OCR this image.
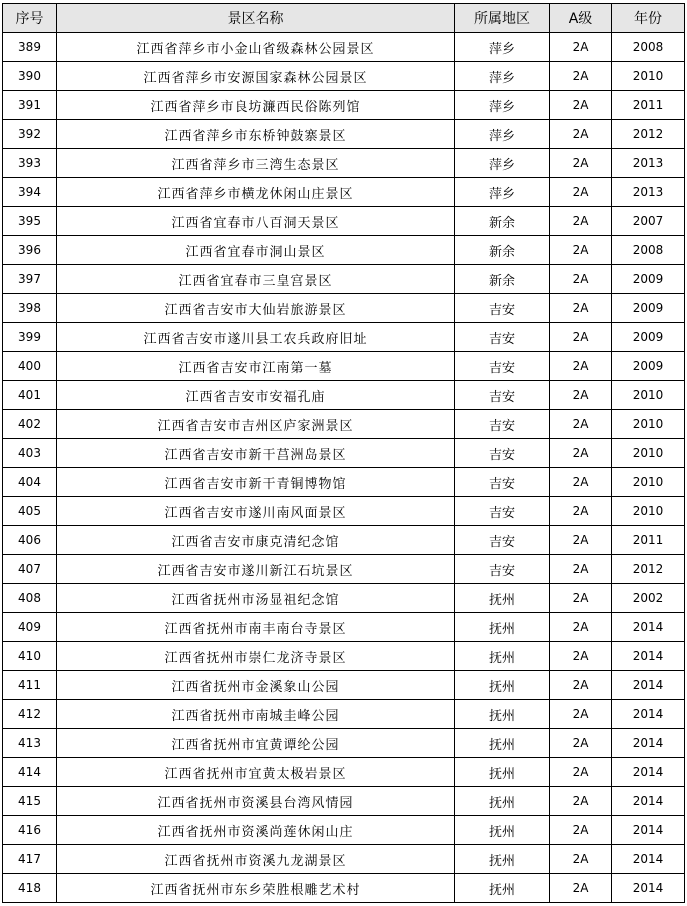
序号	景区名称	所属地区	A级	年份
389	江西省萍乡市小金山省级森林公园景区	萍乡	2A	2008
390	江西省萍乡市安源国家森林公园景区	萍乡	2A	2010
391	江西省萍乡市良坊濂西民俗陈列馆	萍乡	2A	2011
392	江西省萍乡市东桥钟鼓寨景区	萍乡	2A	2012
393	江西省萍乡市三湾生态景区	萍乡	2A	2013
394	江西省萍乡市横龙休闲山庄景区	萍乡	2A	2013
395	江西省宜春市八百洞天景区	新余	2A	2007
396	江西省宜春市洞山景区	新余	2A	2008
397	江西省宜春市三皇宫景区	新余	2A	2009
398	江西省吉安市大仙岩旅游景区	吉安	2A	2009
399	江西省吉安市遂川县工农兵政府旧址	吉安	2A	2009
400	江西省吉安市江南第一墓	吉安	2A	2009
401	江西省吉安市安福孔庙	吉安	2A	2010
402	江西省吉安市吉州区庐家洲景区	吉安	2A	2010
403	江西省吉安市新干莒洲岛景区	吉安	2A	2010
404	江西省吉安市新干青铜博物馆	吉安	2A	2010
405	江西省吉安市遂川南风面景区	吉安	2A	2010
406	江西省吉安市康克清纪念馆	吉安	2A	2011
407	江西省吉安市遂川新江石坑景区	吉安	2A	2012
408	江西省抚州市汤显祖纪念馆	抚州	2A	2002
409	江西省抚州市南丰南台寺景区	抚州	2A	2014
410	江西省抚州市崇仁龙济寺景区	抚州	2A	2014
411	江西省抚州市金溪象山公园	抚州	2A	2014
412	江西省抚州市南城圭峰公园	抚州	2A	2014
413	江西省抚州市宜黄谭纶公园	抚州	2A	2014
414	江西省抚州市宜黄太极岩景区	抚州	2A	2014
415	江西省抚州市资溪县台湾风情园	抚州	2A	2014
416	江西省抚州市资溪尚莲休闲山庄	抚州	2A	2014
417	江西省抚州市资溪九龙湖景区	抚州	2A	2014
418	江西省抚州市东乡荣胜根雕艺术村	抚州	2A	2014
